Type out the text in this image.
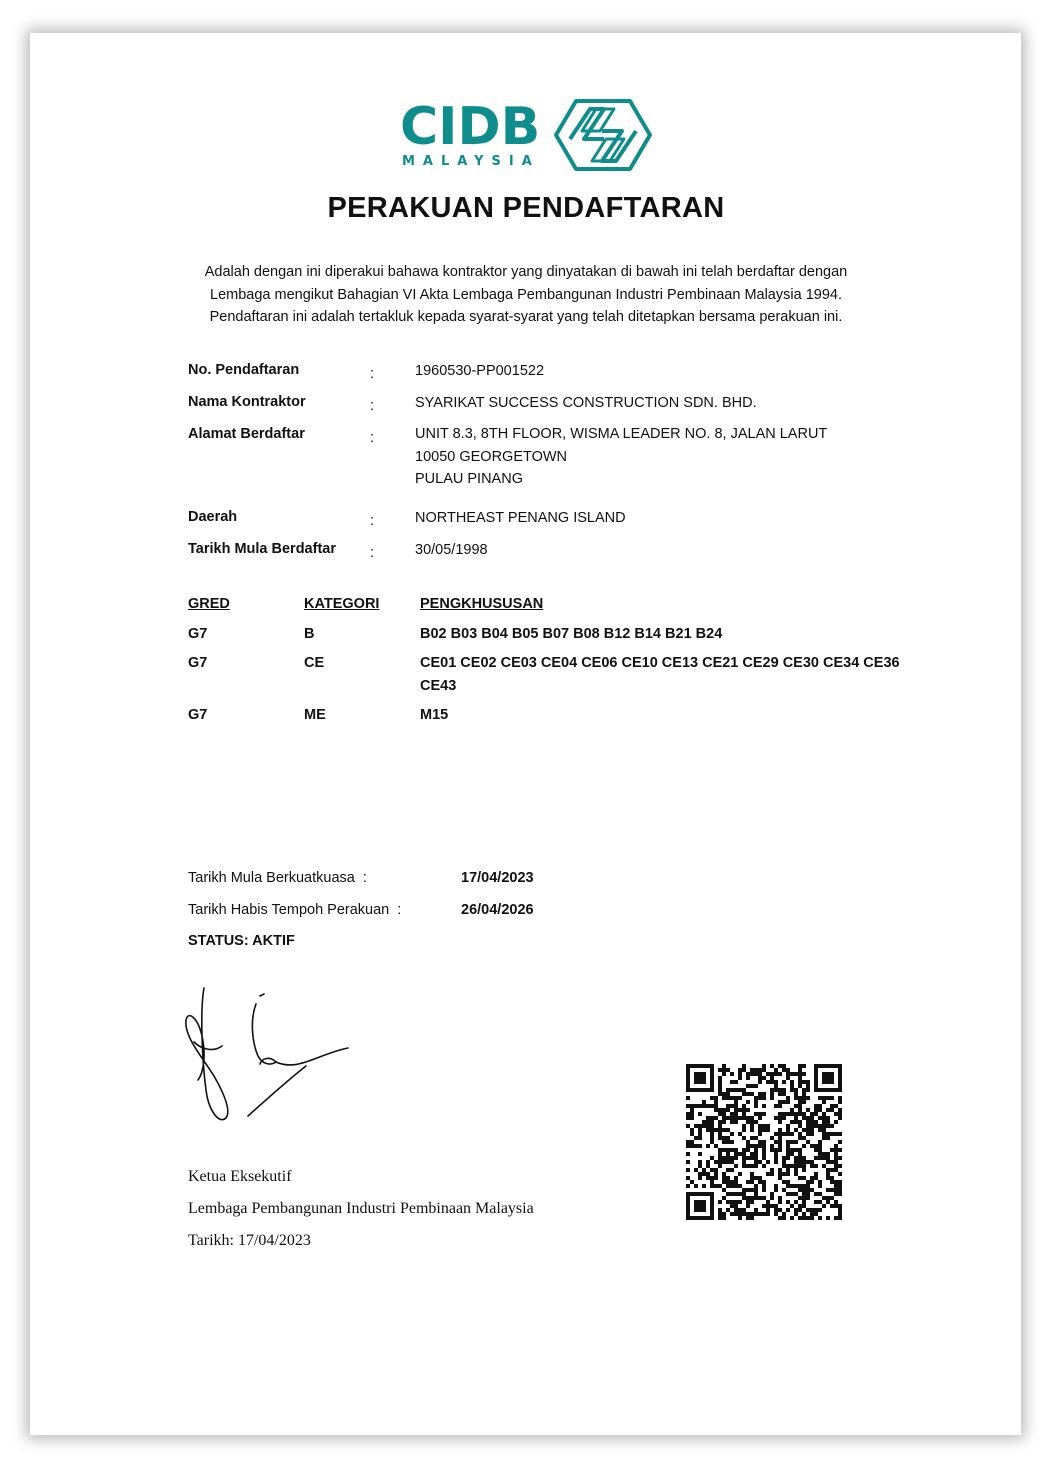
CIDB
MALAYSIA
PERAKUAN PENDAFTARAN
Adalah dengan ini diperakui bahawa kontraktor yang dinyatakan di bawah ini telah berdaftar dengan
Lembaga mengikut Bahagian VI Akta Lembaga Pembangunan Industri Pembinaan Malaysia 1994.
Pendaftaran ini adalah tertakluk kepada syarat-syarat yang telah ditetapkan bersama perakuan ini.
No. Pendaftaran	:	1960530-PP001522
Nama Kontraktor	:	SYARIKAT SUCCESS CONSTRUCTION SDN. BHD.
Alamat Berdaftar	:	UNIT 8.3, 8TH FLOOR, WISMA LEADER NO. 8, JALAN LARUT
10050 GEORGETOWN
PULAU PINANG
Daerah	:	NORTHEAST PENANG ISLAND
Tarikh Mula Berdaftar :	30/05/1998
GRED	KATEGORI	PENGKHUSUSAN
G7	B	B02 B03 B04 B05 B07 B08 B12 B14 B21 B24
G7	CE	CE01 CE02 CE03 CE04 CE06 CE10 CE13 CE21 CE29 CE30 CE34 CE36
CE43
G7	ME	M15
Tarikh Mula Berkuatkuasa  :	17/04/2023
Tarikh Habis Tempoh Perakuan  :	26/04/2026
STATUS: AKTIF
Ketua Eksekutif
Lembaga Pembangunan Industri Pembinaan Malaysia
Tarikh: 17/04/2023
